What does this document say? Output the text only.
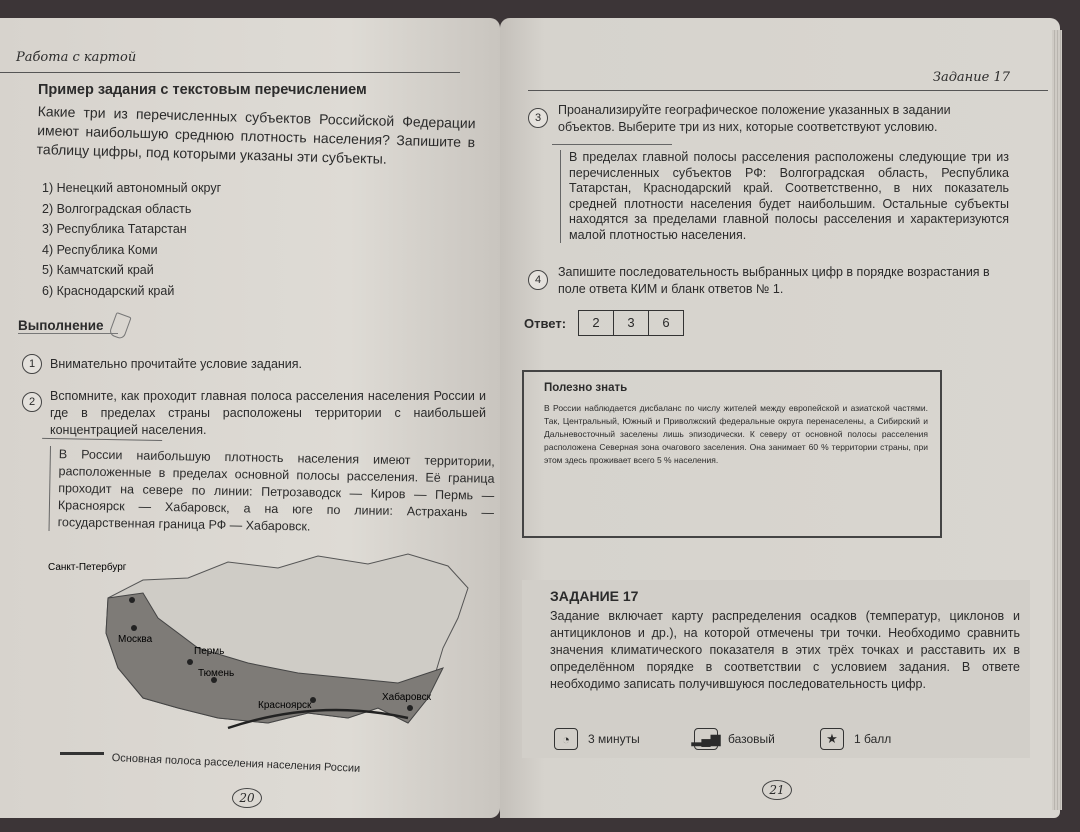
Работа с картой
Пример задания с текстовым перечислением
Какие три из перечисленных субъектов Российской Федерации имеют наибольшую среднюю плотность населения? Запишите в таблицу цифры, под которыми указаны эти субъекты.
1) Ненецкий автономный округ
2) Волгоградская область
3) Республика Татарстан
4) Республика Коми
5) Камчатский край
6) Краснодарский край
Выполнение
1	Внимательно прочитайте условие задания.
2	Вспомните, как проходит главная полоса расселения населения России и где в пределах страны расположены территории с наибольшей концентрацией населения.
В России наибольшую плотность населения имеют территории, расположенные в пределах основной полосы расселения. Её граница проходит на севере по линии: Петрозаводск — Киров — Пермь — Красноярск — Хабаровск, а на юге по линии: Астрахань — государственная граница РФ — Хабаровск.
Санкт-Петербург
Москва
Пермь
Тюмень
Красноярск
Хабаровск
Основная полоса расселения населения России
20
Задание 17
3
Проанализируйте географическое положение указанных в задании объектов. Выберите три из них, которые соответствуют условию.
В пределах главной полосы расселения расположены следующие три из перечисленных субъектов РФ: Волгоградская область, Республика Татарстан, Краснодарский край. Соответственно, в них показатель средней плотности населения будет наибольшим. Остальные субъекты находятся за пределами главной полосы расселения и характеризуются малой плотностью населения.
4
Запишите последовательность выбранных цифр в порядке возрастания в поле ответа КИМ и бланк ответов № 1.
Ответ:	2	3	6
Полезно знать

В России наблюдается дисбаланс по числу жителей между европейской и азиатской частями. Так, Центральный, Южный и Приволжский федеральные округа перенаселены, а Сибирский и Дальневосточный заселены лишь эпизодически. К северу от основной полосы расселения расположена Северная зона очагового заселения. Она занимает 60 % территории страны, при этом здесь проживает всего 5 % населения.

ЗАДАНИЕ 17

Задание включает карту распределения осадков (температур, циклонов и антициклонов и др.), на которой отмечены три точки. Необходимо сравнить значения климатического показателя в этих трёх точках и расставить их в определённом порядке в соответствии с условием задания. В ответе необходимо записать получившуюся последовательность цифр.

◔	3 минуты	▂▄▆ базовый	★	1 балл
21
